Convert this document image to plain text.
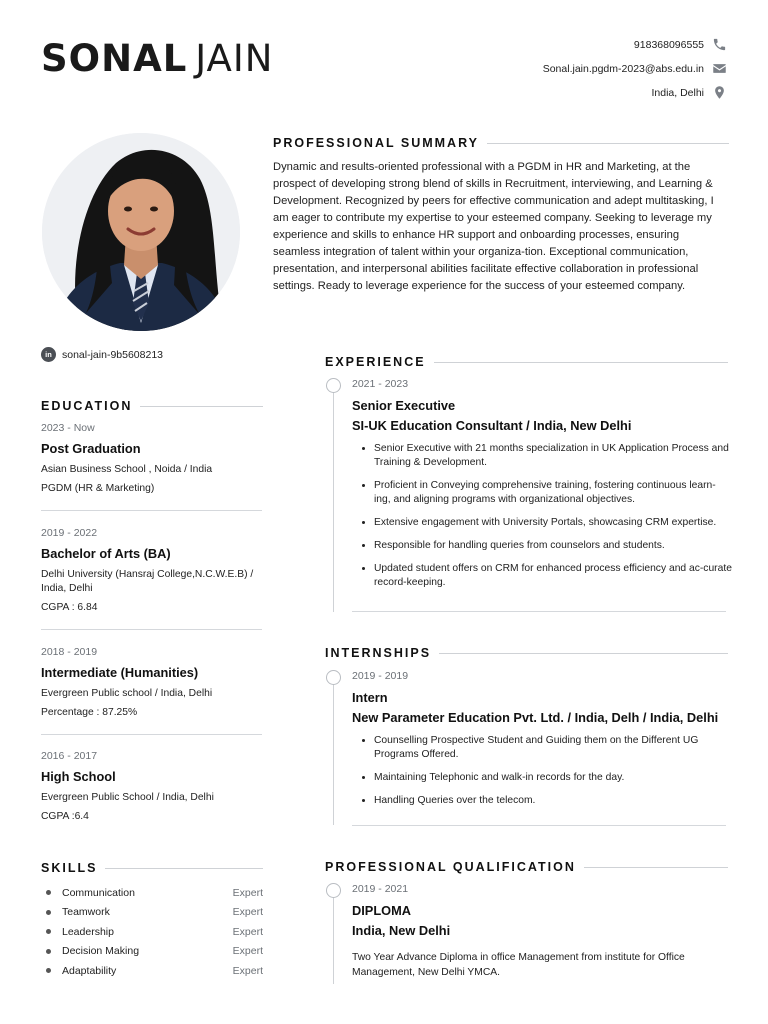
SONAL JAIN	918368096555
Sonal.jain.pgdm-2023@abs.edu.in
India, Delhi
PROFESSIONAL SUMMARY
Dynamic and results-oriented professional with a PGDM in HR and Marketing, at the prospect of developing strong blend of skills in Recruitment, interviewing, and Learning & Development. Recognized by peers for effective communication and adept multitasking, I am eager to contribute my expertise to your esteemed company. Seeking to leverage my experience and skills to enhance HR support and onboarding processes, ensuring seamless integration of talent within your organiza-tion. Exceptional communication, presentation, and interpersonal abilities facilitate effective collaboration in professional settings. Ready to leverage experience for the success of your esteemed company.
in sonal-jain-9b5608213
EDUCATION
2023 - Now
Post Graduation
Asian Business School , Noida / India
PGDM (HR & Marketing)
2019 - 2022
Bachelor of Arts (BA)
Delhi University (Hansraj College,N.C.W.E.B) / India, Delhi
CGPA : 6.84
2018 - 2019
Intermediate (Humanities)
Evergreen Public school / India, Delhi
Percentage : 87.25%
2016 - 2017
High School
Evergreen Public School / India, Delhi
CGPA :6.4
SKILLS
Communication	Expert
Teamwork	Expert
Leadership	Expert
Decision Making	Expert
Adaptability	Expert
EXPERIENCE
2021 - 2023
Senior Executive
SI-UK Education Consultant / India, New Delhi
• Senior Executive with 21 months specialization in UK Application Process and Training & Development.
• Proficient in Conveying comprehensive training, fostering continuous learn-ing, and aligning programs with organizational objectives.
• Extensive engagement with University Portals, showcasing CRM expertise.
• Responsible for handling queries from counselors and students.
• Updated student offers on CRM for enhanced process efficiency and ac-curate record-keeping.
INTERNSHIPS
2019 - 2019
Intern
New Parameter Education Pvt. Ltd. / India, Delh / India, Delhi
• Counselling Prospective Student and Guiding them on the Different UG Programs Offered.
• Maintaining Telephonic and walk-in records for the day.
• Handling Queries over the telecom.
PROFESSIONAL QUALIFICATION
2019 - 2021
DIPLOMA
India, New Delhi
Two Year Advance Diploma in office Management from institute for Office Management, New Delhi YMCA.
